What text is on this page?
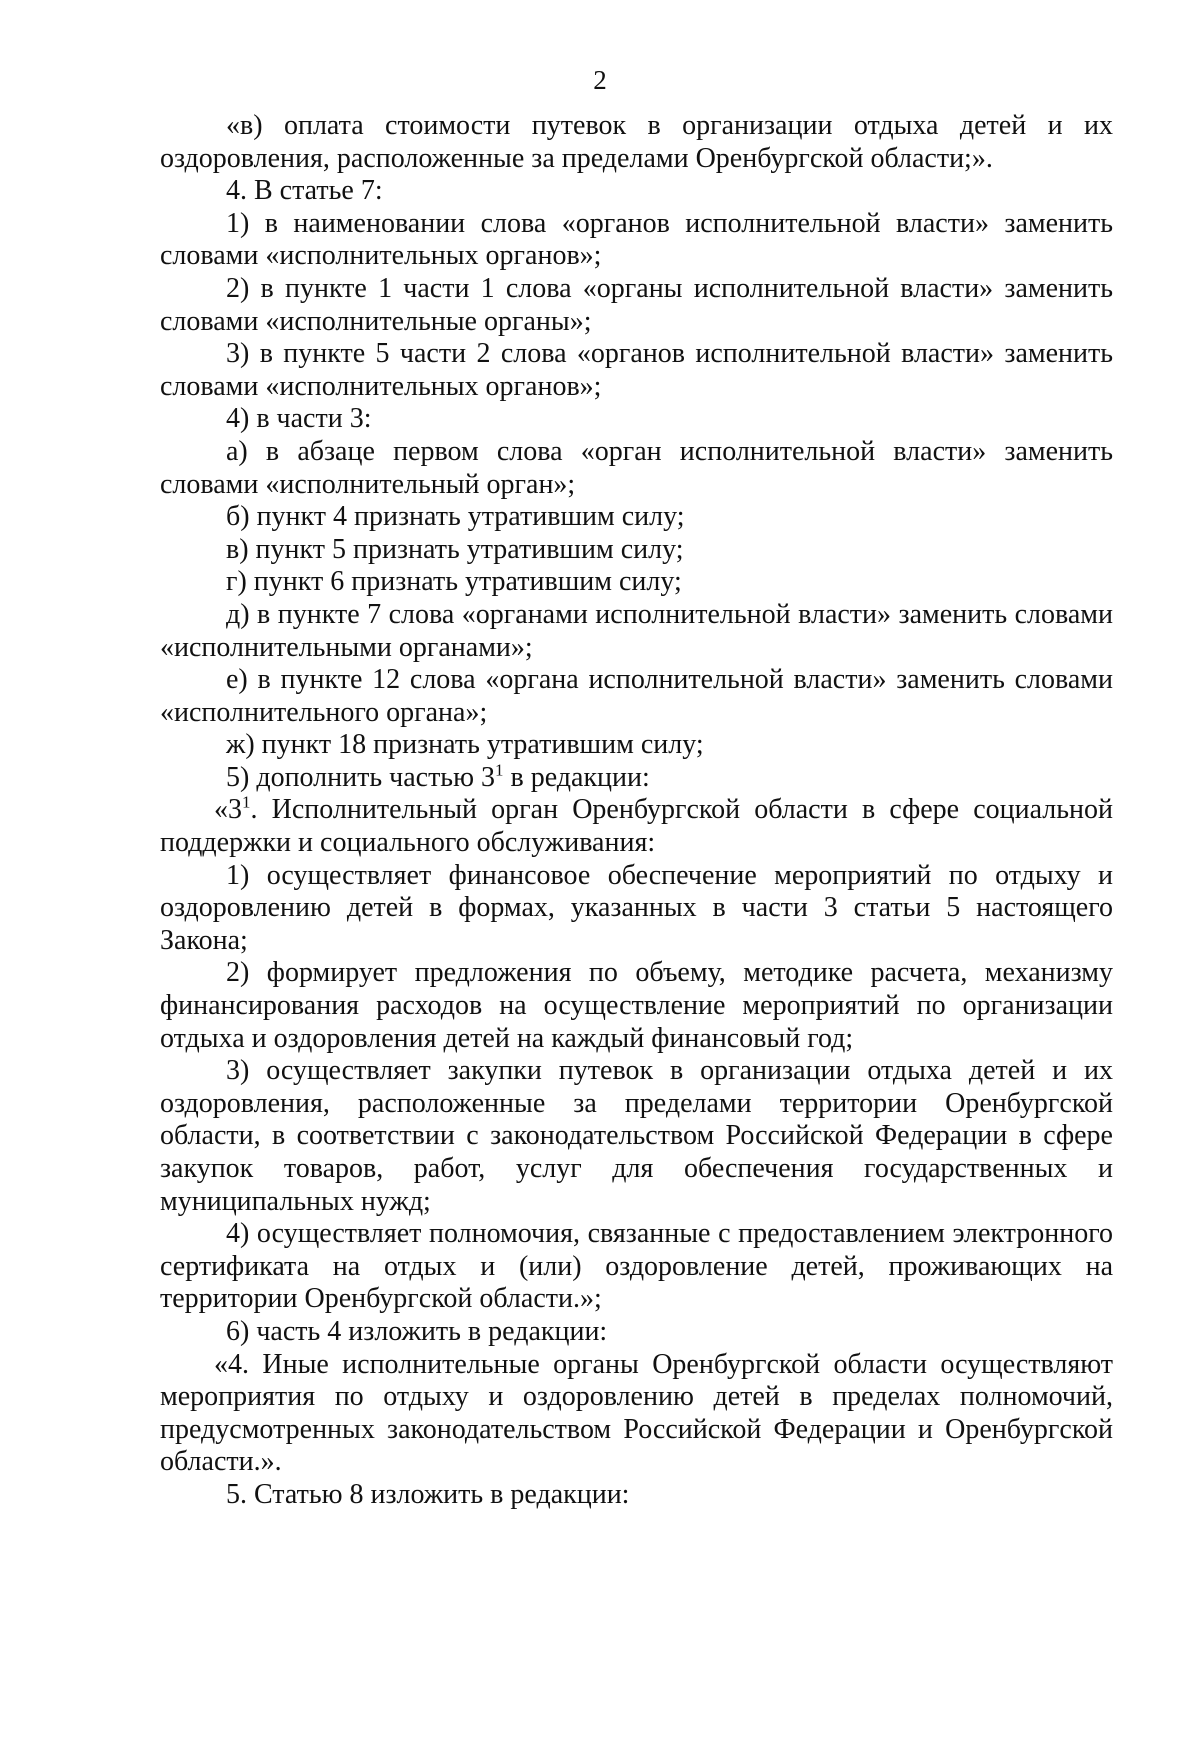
2

«в) оплата стоимости путевок в организации отдыха детей и их оздоровления, расположенные за пределами Оренбургской области;».

4. В статье 7:

1) в наименовании слова «органов исполнительной власти» заменить словами «исполнительных органов»;

2) в пункте 1 части 1 слова «органы исполнительной власти» заменить словами «исполнительные органы»;

3) в пункте 5 части 2 слова «органов исполнительной власти» заменить словами «исполнительных органов»;

4) в части 3:

а) в абзаце первом слова «орган исполнительной власти» заменить словами «исполнительный орган»;

б) пункт 4 признать утратившим силу;

в) пункт 5 признать утратившим силу;

г) пункт 6 признать утратившим силу;

д) в пункте 7 слова «органами исполнительной власти» заменить словами «исполнительными органами»;

е) в пункте 12 слова «органа исполнительной власти» заменить словами «исполнительного органа»;

ж) пункт 18 признать утратившим силу;

5) дополнить частью $3^1$ в редакции:

«$3^1$. Исполнительный орган Оренбургской области в сфере социальной поддержки и социального обслуживания:

1) осуществляет финансовое обеспечение мероприятий по отдыху и оздоровлению детей в формах, указанных в части 3 статьи 5 настоящего Закона;

2) формирует предложения по объему, методике расчета, механизму финансирования расходов на осуществление мероприятий по организации отдыха и оздоровления детей на каждый финансовый год;

3) осуществляет закупки путевок в организации отдыха детей и их оздоровления, расположенные за пределами территории Оренбургской области, в соответствии с законодательством Российской Федерации в сфере закупок товаров, работ, услуг для обеспечения государственных и муниципальных нужд;

4) осуществляет полномочия, связанные с предоставлением электронного сертификата на отдых и (или) оздоровление детей, проживающих на территории Оренбургской области.»;

6) часть 4 изложить в редакции:

«4. Иные исполнительные органы Оренбургской области осуществляют мероприятия по отдыху и оздоровлению детей в пределах полномочий, предусмотренных законодательством Российской Федерации и Оренбургской области.».

5. Статью 8 изложить в редакции:
